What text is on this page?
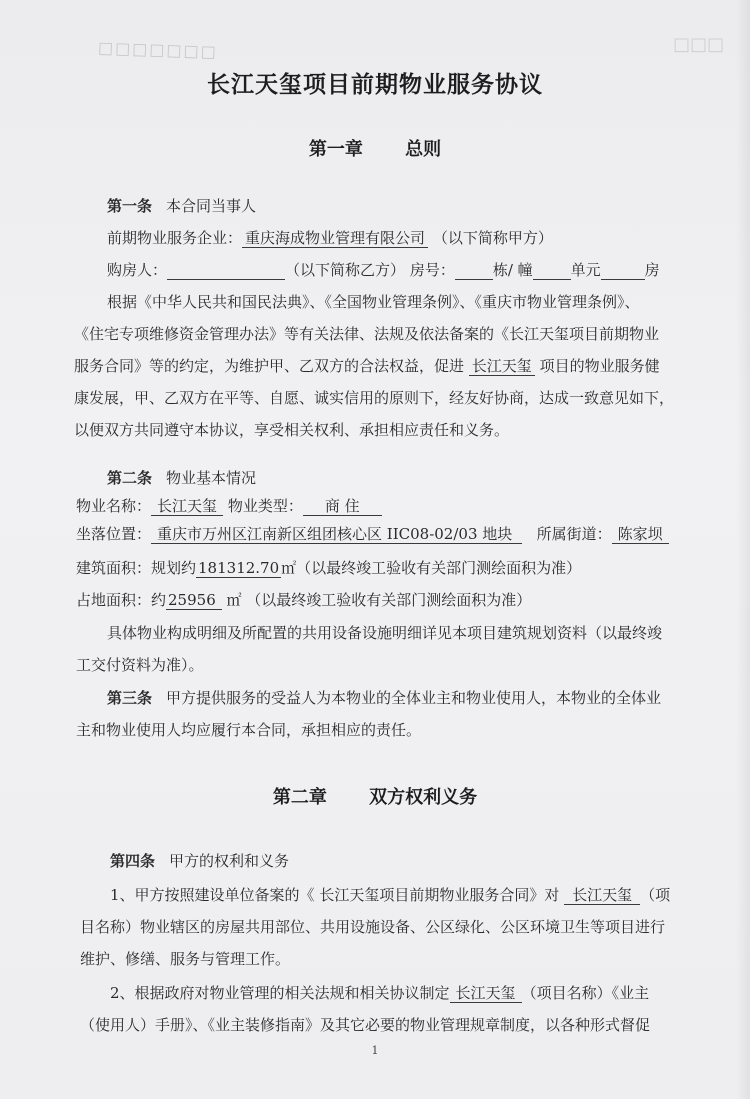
□□□□□□□	□□□
长江天玺项目前期物业服务协议
第一章 总则
第一条 本合同当事人
前期物业服务企业： 重庆海成物业管理有限公司 （以下简称甲方）
购房人：	（以下简称乙方） 房号：	栋/ 幢	单元	房
根据《中华人民共和国民法典》、《全国物业管理条例》、《重庆市物业管理条例》、
《住宅专项维修资金管理办法》等有关法律、法规及依法备案的《长江天玺项目前期物业
服务合同》等的约定，为维护甲、乙双方的合法权益，促进 长江天玺 项目的物业服务健
康发展，甲、乙双方在平等、自愿、诚实信用的原则下，经友好协商，达成一致意见如下，
以便双方共同遵守本协议，享受相关权利、承担相应责任和义务。
第二条 物业基本情况
物业名称： 长江天玺 物业类型： 商 住
坐落位置： 重庆市万州区江南新区组团核心区 IIC08-02/03 地块 所属街道： 陈家坝
建筑面积：规划约 181312.70 ㎡（以最终竣工验收有关部门测绘面积为准）
占地面积：约 25956 ㎡ （以最终竣工验收有关部门测绘面积为准）
具体物业构成明细及所配置的共用设备设施明细详见本项目建筑规划资料（以最终竣
工交付资料为准）。
第三条 甲方提供服务的受益人为本物业的全体业主和物业使用人，本物业的全体业
主和物业使用人均应履行本合同，承担相应的责任。
第二章 双方权利义务
第四条 甲方的权利和义务
1、甲方按照建设单位备案的《 长江天玺项目前期物业服务合同》对 长江天玺 （项
目名称）物业辖区的房屋共用部位、共用设施设备、公区绿化、公区环境卫生等项目进行
维护、修缮、服务与管理工作。
2、根据政府对物业管理的相关法规和相关协议制定 长江天玺 （项目名称）《业主
（使用人）手册》、《业主装修指南》及其它必要的物业管理规章制度，以各种形式督促
1
